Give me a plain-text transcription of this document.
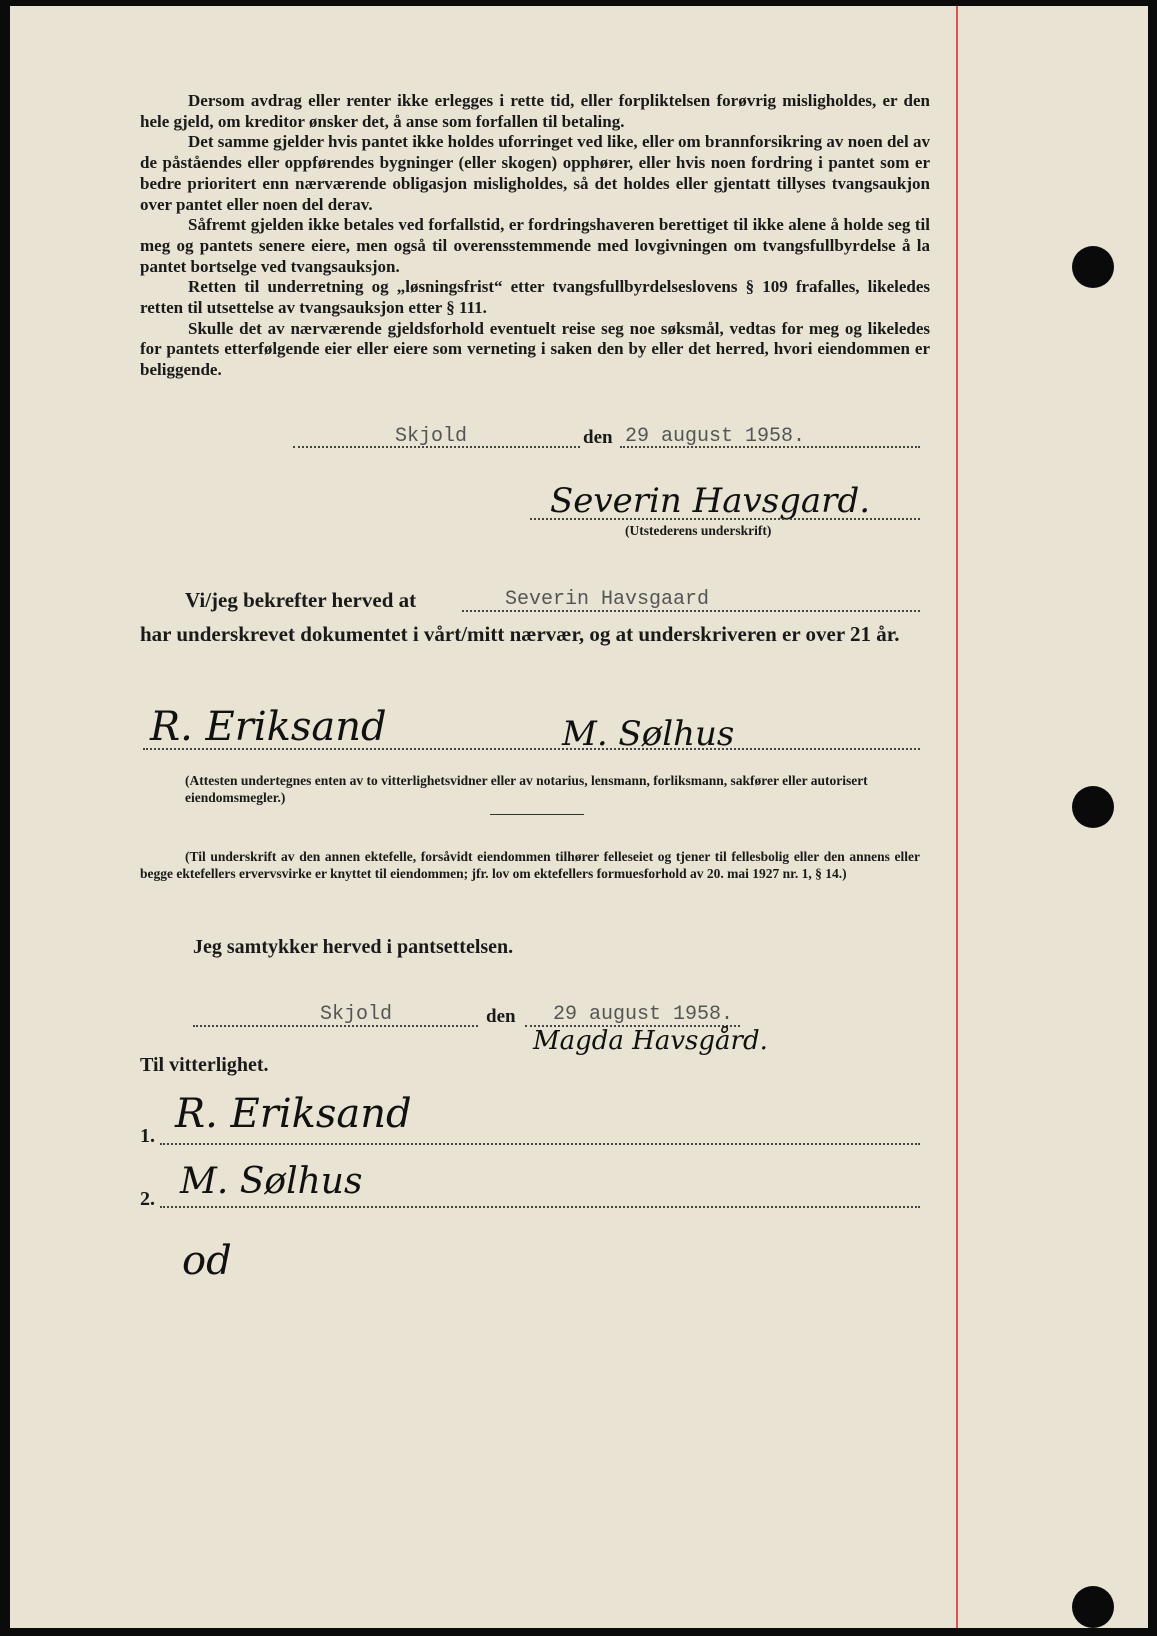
Dersom avdrag eller renter ikke erlegges i rette tid, eller forpliktelsen forøvrig misligholdes, er den hele gjeld, om kreditor ønsker det, å anse som forfallen til betaling.

Det samme gjelder hvis pantet ikke holdes uforringet ved like, eller om brannforsikring av noen del av de påståendes eller oppførendes bygninger (eller skogen) opphører, eller hvis noen fordring i pantet som er bedre prioritert enn nærværende obligasjon misligholdes, så det holdes eller gjentatt tillyses tvangsaukjon over pantet eller noen del derav.

Såfremt gjelden ikke betales ved forfallstid, er fordringshaveren berettiget til ikke alene å holde seg til meg og pantets senere eiere, men også til overensstemmende med lovgivningen om tvangsfullbyrdelse å la pantet bortselge ved tvangsauksjon.

Retten til underretning og „løsningsfrist“ etter tvangsfullbyrdelseslovens § 109 frafalles, likeledes retten til utsettelse av tvangsauksjon etter § 111.

Skulle det av nærværende gjeldsforhold eventuelt reise seg noe søksmål, vedtas for meg og likeledes for pantets etterfølgende eier eller eiere som verneting i saken den by eller det herred, hvori eiendommen er beliggende.

Skjold	den 29 august 1958.
Severin Havsgard.
(Utstederens underskrift)
Vi/jeg bekrefter herved at	Severin Havsgaard

har underskrevet dokumentet i vårt/mitt nærvær, og at underskriveren er over 21 år.

R. Eriksand	M. Sølhus

(Attesten undertegnes enten av to vitterlighetsvidner eller av notarius, lensmann, forliksmann, sakfører eller autorisert eiendomsmegler.)

(Til underskrift av den annen ektefelle, forsåvidt eiendommen tilhører felleseiet og tjener til fellesbolig eller den annens eller begge ektefellers ervervsvirke er knyttet til eiendommen; jfr. lov om ektefellers formuesforhold av 20. mai 1927 nr. 1, § 14.)

Jeg samtykker herved i pantsettelsen.
Skjold	den 29 august 1958.
Magda Havsgård.
Til vitterlighet.
1. R. Eriksand
2. M. Sølhus
od
